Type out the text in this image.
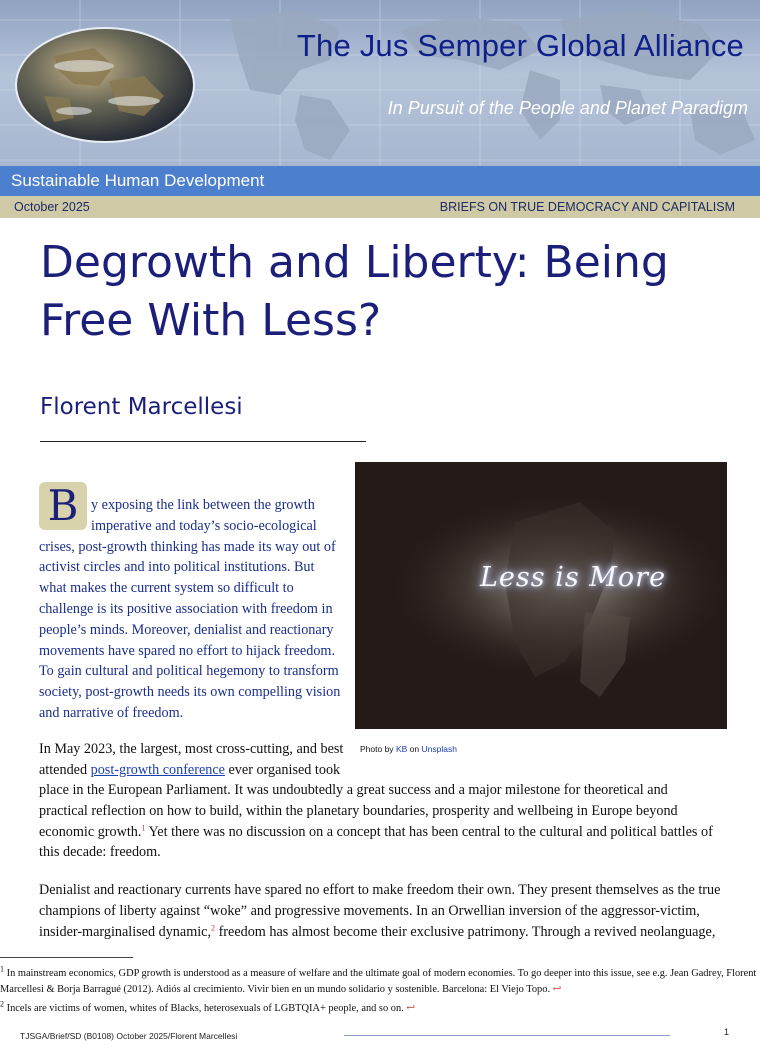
The Jus Semper Global Alliance
In Pursuit of the People and Planet Paradigm
Sustainable Human Development
October 2025	BRIEFS ON TRUE DEMOCRACY AND CAPITALISM
Degrowth and Liberty: Being
Free With Less?
Florent Marcellesi
B y exposing the link between the growth
imperative and today’s socio-ecological
crises, post-growth thinking has made its way out of activist circles and into political institutions. But what makes the current system so difficult to challenge is its positive association with freedom in people’s minds. Moreover, denialist and reactionary movements have spared no effort to hijack freedom. To gain cultural and political hegemony to transform society, post-growth needs its own compelling vision and narrative of freedom.
Less is More
Photo by KB on Unsplash
In May 2023, the largest, most cross-cutting, and best attended post-growth conference ever organised took
place in the European Parliament. It was undoubtedly a great success and a major milestone for theoretical and practical reflection on how to build, within the planetary boundaries, prosperity and wellbeing in Europe beyond economic growth.$^1$ Yet there was no discussion on a concept that has been central to the cultural and political battles of this decade: freedom.
Denialist and reactionary currents have spared no effort to make freedom their own. They present themselves as the true champions of liberty against “woke” and progressive movements. In an Orwellian inversion of the aggressor-victim, insider-marginalised dynamic,$^2$ freedom has almost become their exclusive patrimony. Through a revived neolanguage,
$^1$ In mainstream economics, GDP growth is understood as a measure of welfare and the ultimate goal of modern economies. To go deeper into this issue, see e.g. Jean Gadrey, Florent Marcellesi & Borja Barragué (2012). Adiós al crecimiento. Vivir bien en un mundo solidario y sostenible. Barcelona: El Viejo Topo. ↩
$^2$ Incels are victims of women, whites of Blacks, heterosexuals of LGBTQIA+ people, and so on. ↩
TJSGA/Brief/SD (B0108) October 2025/Florent Marcellesi	1
